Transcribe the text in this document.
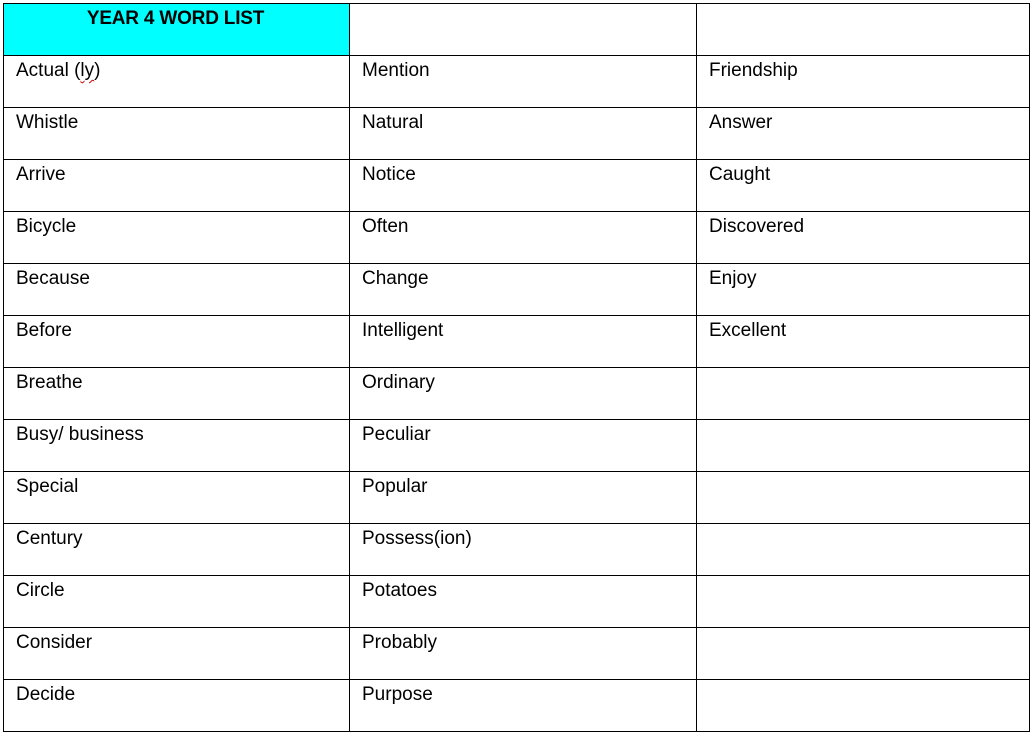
YEAR 4 WORD LIST		

Actual (ly)	Mention	Friendship

Whistle	Natural	Answer

Arrive	Notice	Caught

Bicycle	Often	Discovered

Because	Change	Enjoy

Before	Intelligent	Excellent

Breathe	Ordinary	

Busy/ business	Peculiar	

Special	Popular	

Century	Possess(ion)	

Circle	Potatoes	

Consider	Probably	

Decide	Purpose	
